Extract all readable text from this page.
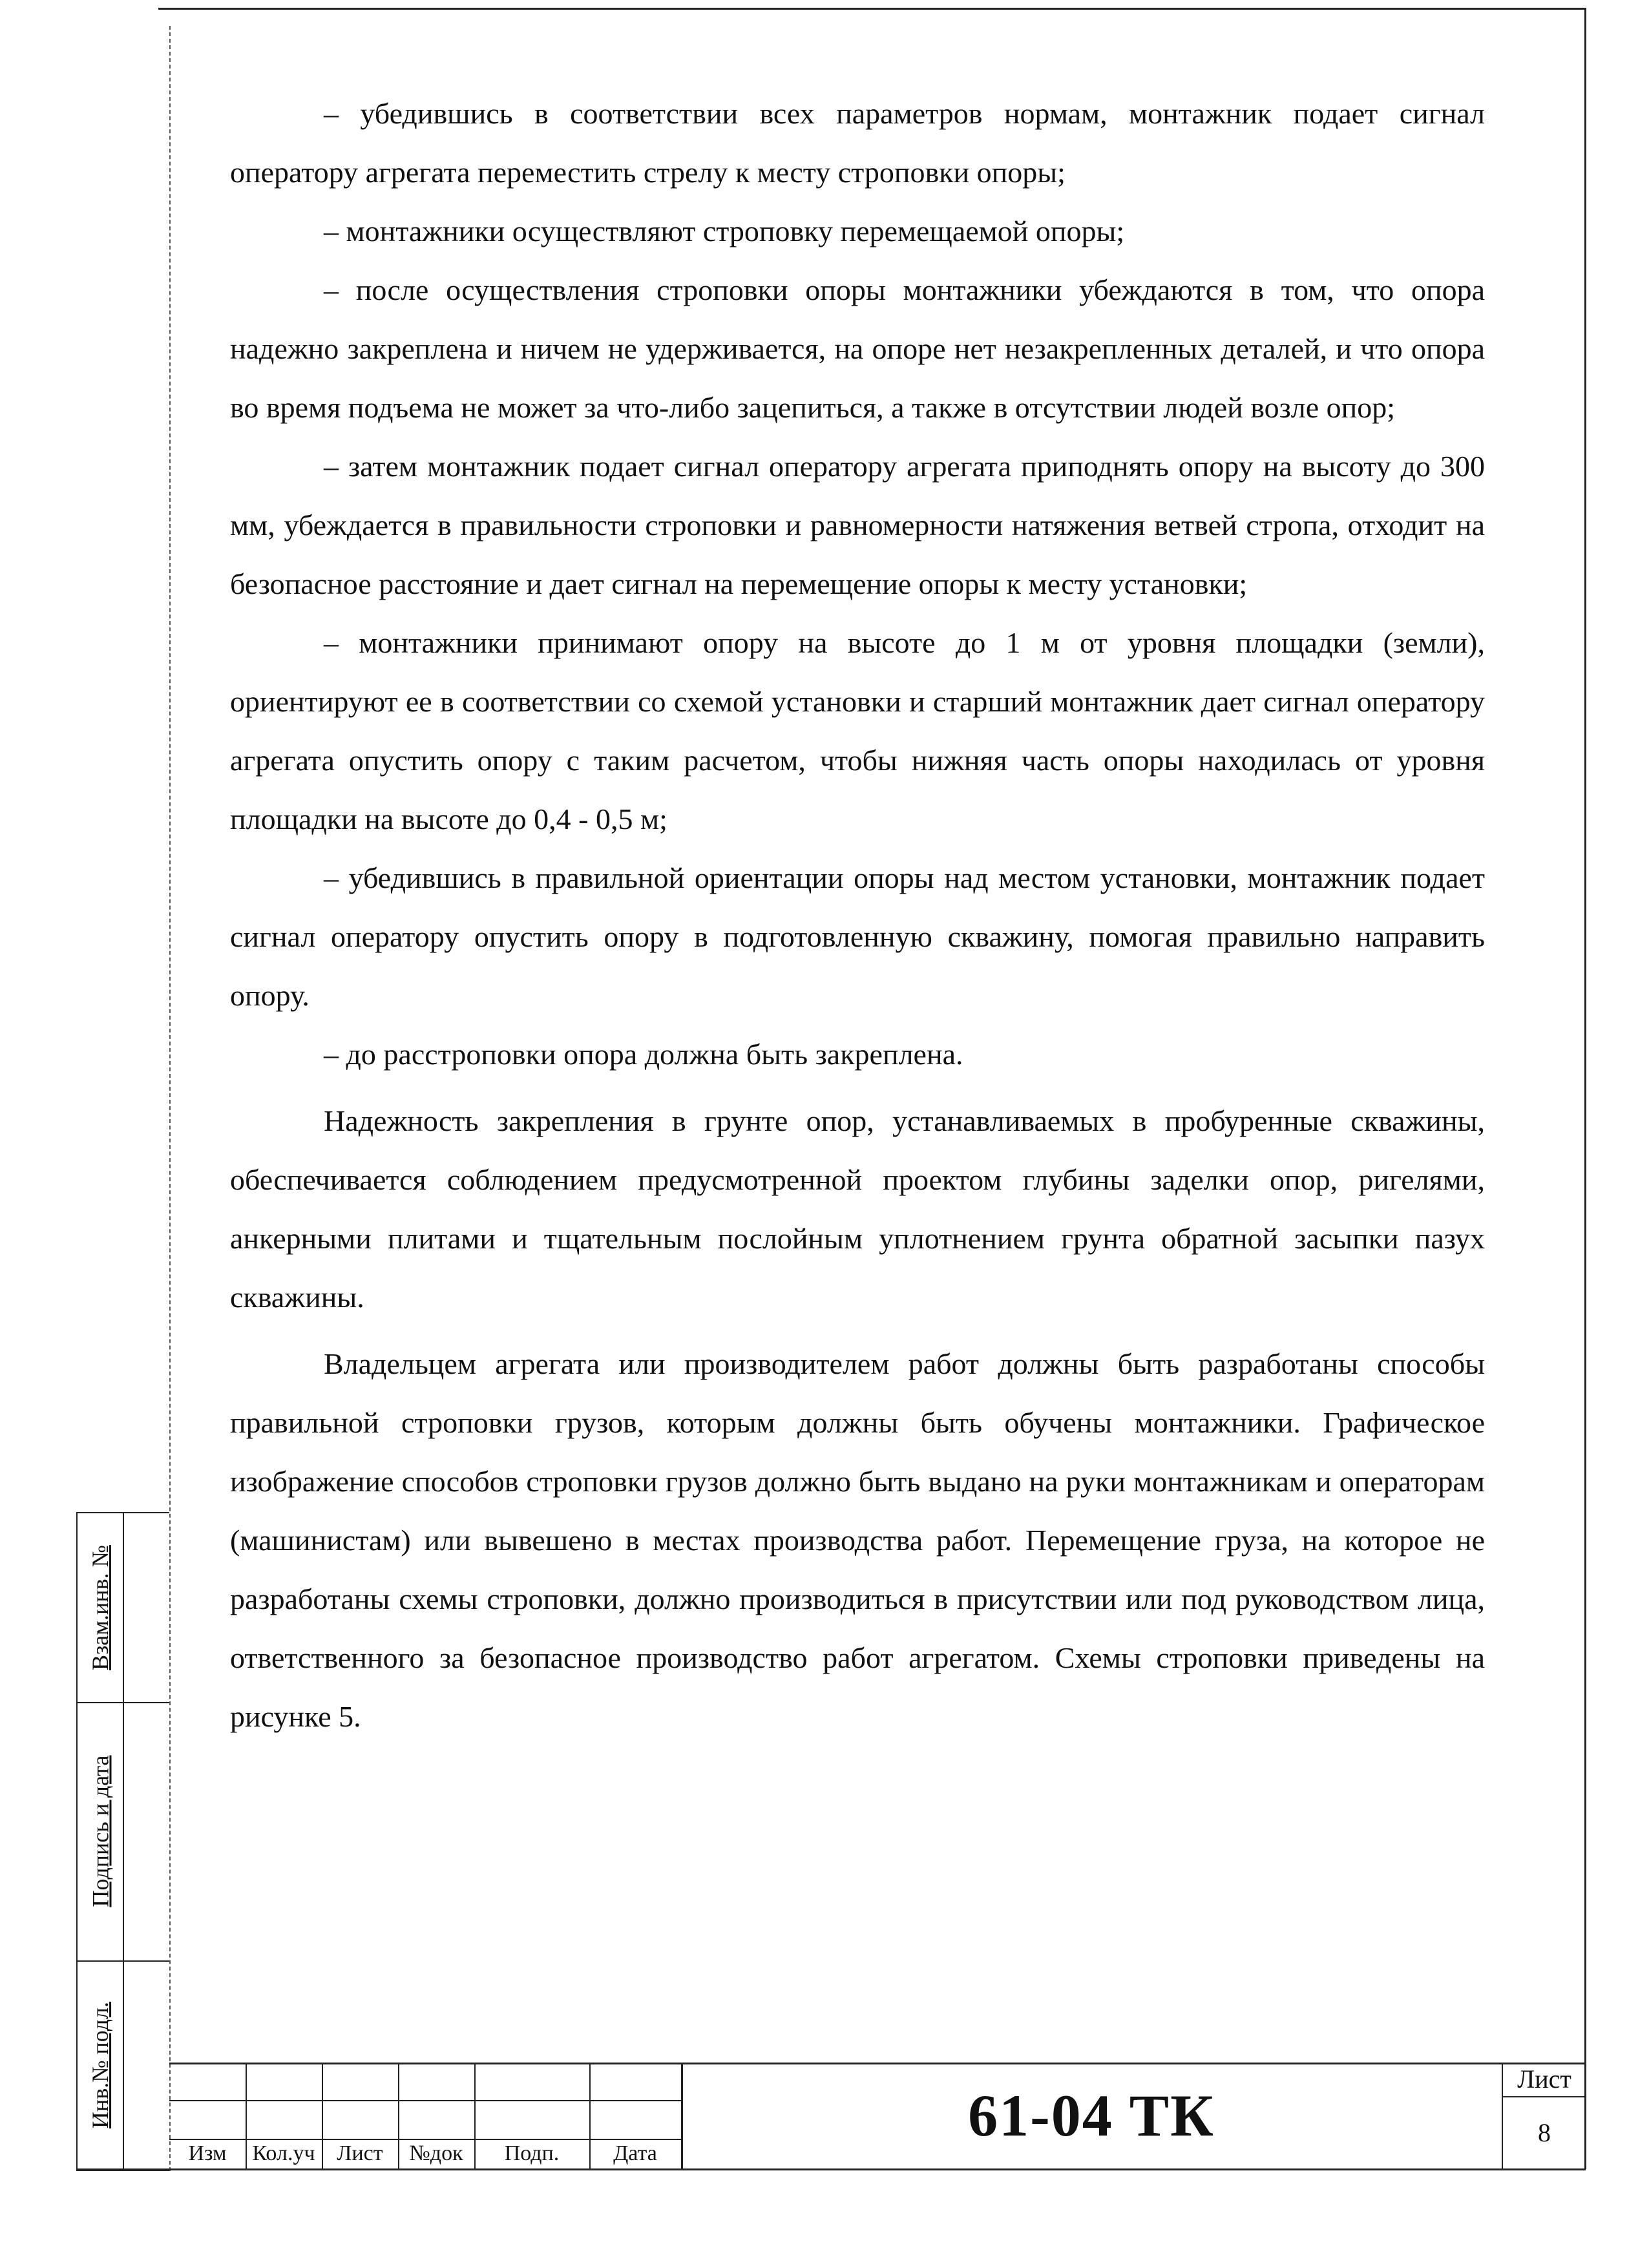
– убедившись в соответствии всех параметров нормам, монтажник подает сигнал оператору агрегата переместить стрелу к месту строповки опоры;

– монтажники осуществляют строповку перемещаемой опоры;

– после осуществления строповки опоры монтажники убеждаются в том, что опора надежно закреплена и ничем не удерживается, на опоре нет незакрепленных деталей, и что опора во время подъема не может за что-либо зацепиться, а также в отсутствии людей возле опор;

– затем монтажник подает сигнал оператору агрегата приподнять опору на высоту до 300 мм, убеждается в правильности строповки и равномерности натяжения ветвей стропа, отходит на безопасное расстояние и дает сигнал на перемещение опоры к месту установки;

– монтажники принимают опору на высоте до 1 м от уровня площадки (земли), ориентируют ее в соответствии со схемой установки и старший монтажник дает сигнал оператору агрегата опустить опору с таким расчетом, чтобы нижняя часть опоры находилась от уровня площадки на высоте до 0,4 - 0,5 м;

– убедившись в правильной ориентации опоры над местом установки, монтажник подает сигнал оператору опустить опору в подготовленную скважину, помогая правильно направить опору.

– до расстроповки опора должна быть закреплена.

Надежность закрепления в грунте опор, устанавливаемых в пробуренные скважины, обеспечивается соблюдением предусмотренной проектом глубины заделки опор, ригелями, анкерными плитами и тщательным послойным уплотнением грунта обратной засыпки пазух скважины.

Владельцем агрегата или производителем работ должны быть разработаны способы правильной строповки грузов, которым должны быть обучены монтажники. Графическое изображение способов строповки грузов должно быть выдано на руки монтажникам и операторам (машинистам) или вывешено в местах производства работ. Перемещение груза, на которое не разработаны схемы строповки, должно производиться в присутствии или под руководством лица, ответственного за безопасное производство работ агрегатом. Схемы строповки приведены на рисунке 5.

Взам.инв. №
Подпись и дата
Инв.№ подл.
Изм	Кол.уч Лист	№док	Подп.	Дата
61-04 ТК
Лист
8
